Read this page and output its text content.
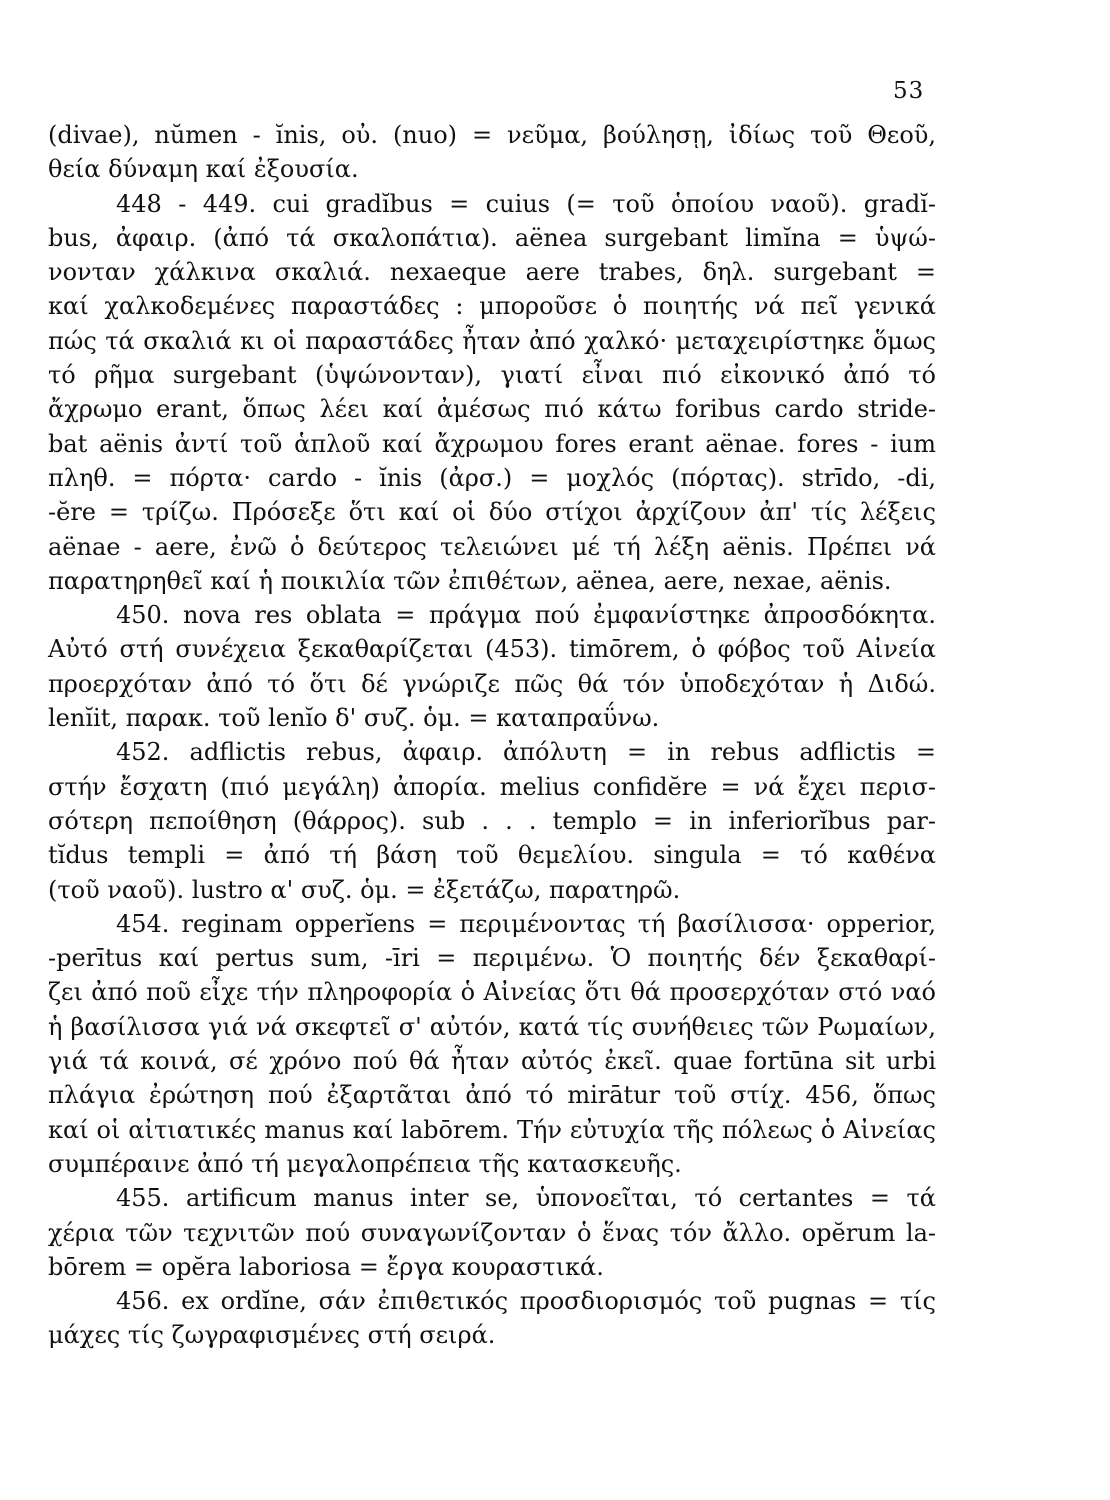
53
(divae), nŭmen - ĭnis, οὐ. (nuo) = νεῦμα, βούλησῃ, ἰδίως τοῦ Θεοῦ,
θεία δύναμη καί ἐξουσία.
448 - 449. cui gradĭbus = cuius (= τοῦ ὁποίου ναοῦ). gradĭ-
bus, ἀφαιρ. (ἀπό τά σκαλοπάτια). aënea surgebant limĭna = ὑψώ-
νονταν χάλκινα σκαλιά. nexaeque aere trabes, δηλ. surgebant =
καί χαλκοδεμένες παραστάδες : μποροῦσε ὁ ποιητής νά πεῖ γενικά
πώς τά σκαλιά κι οἱ παραστάδες ἦταν ἀπό χαλκό· μεταχειρίστηκε ὅμως
τό ρῆμα surgebant (ὑψώνονταν), γιατί εἶναι πιό εἰκονικό ἀπό τό
ἄχρωμο erant, ὅπως λέει καί ἀμέσως πιό κάτω foribus cardo stride-
bat aënis ἀντί τοῦ ἁπλοῦ καί ἄχρωμου fores erant aënae. fores - ium
πληθ. = πόρτα· cardo - ĭnis (ἀρσ.) = μοχλός (πόρτας). strīdo, -di,
-ĕre = τρίζω. Πρόσεξε ὅτι καί οἱ δύο στίχοι ἀρχίζουν ἀπ' τίς λέξεις
aënae - aere, ἐνῶ ὁ δεύτερος τελειώνει μέ τή λέξη aënis. Πρέπει νά
παρατηρηθεῖ καί ἡ ποικιλία τῶν ἐπιθέτων, aënea, aere, nexae, aënis.
450. nova res oblata = πράγμα πού ἐμφανίστηκε ἀπροσδόκητα.
Αὐτό στή συνέχεια ξεκαθαρίζεται (453). timōrem, ὁ φόβος τοῦ Αἰνεία
προερχόταν ἀπό τό ὅτι δέ γνώριζε πῶς θά τόν ὑποδεχόταν ἡ Διδώ.
lenĭit, παρακ. τοῦ lenĭo δ' συζ. ὁμ. = καταπραΰνω.
452. adflictis rebus, ἀφαιρ. ἀπόλυτη = in rebus adflictis =
στήν ἔσχατη (πιό μεγάλη) ἀπορία. melius confidĕre = νά ἔχει περισ-
σότερη πεποίθηση (θάρρος). sub . . . templo = in inferiorĭbus par-
tĭdus templi = ἀπό τή βάση τοῦ θεμελίου. singula = τό καθένα
(τοῦ ναοῦ). lustro α' συζ. ὁμ. = ἐξετάζω, παρατηρῶ.
454. reginam opperĭens = περιμένοντας τή βασίλισσα· opperior,
-perītus καί pertus sum, -īri = περιμένω. Ὁ ποιητής δέν ξεκαθαρί-
ζει ἀπό ποῦ εἶχε τήν πληροφορία ὁ Αἰνείας ὅτι θά προσερχόταν στό ναό
ἡ βασίλισσα γιά νά σκεφτεῖ σ' αὐτόν, κατά τίς συνήθειες τῶν Ρωμαίων,
γιά τά κοινά, σέ χρόνο πού θά ἦταν αὐτός ἐκεῖ. quae fortūna sit urbi
πλάγια ἐρώτηση πού ἐξαρτᾶται ἀπό τό mirātur τοῦ στίχ. 456, ὅπως
καί οἱ αἰτιατικές manus καί labōrem. Τήν εὐτυχία τῆς πόλεως ὁ Αἰνείας
συμπέραινε ἀπό τή μεγαλοπρέπεια τῆς κατασκευῆς.
455. artificum manus inter se, ὑπονοεῖται, τό certantes = τά
χέρια τῶν τεχνιτῶν πού συναγωνίζονταν ὁ ἕνας τόν ἄλλο. opĕrum la-
bōrem = opĕra laboriosa = ἔργα κουραστικά.
456. ex ordĭne, σάν ἐπιθετικός προσδιορισμός τοῦ pugnas = τίς
μάχες τίς ζωγραφισμένες στή σειρά.
